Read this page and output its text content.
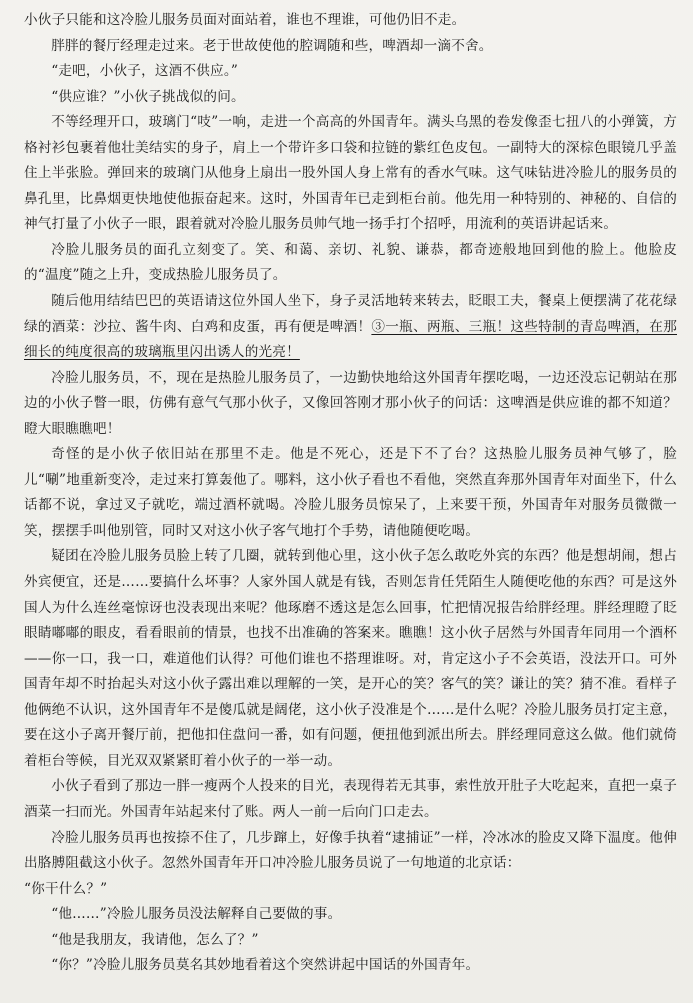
小伙子只能和这冷脸儿服务员面对面站着，谁也不理谁，可他仍旧不走。

胖胖的餐厅经理走过来。老于世故使他的腔调随和些，啤酒却一滴不舍。

“走吧，小伙子，这酒不供应。”

“供应谁？”小伙子挑战似的问。

不等经理开口，玻璃门“吱”一响，走进一个高高的外国青年。满头乌黑的卷发像歪七扭八的小弹簧，方格衬衫包裹着他壮美结实的身子，肩上一个带许多口袋和拉链的紫红色皮包。一副特大的深棕色眼镜几乎盖住上半张脸。弹回来的玻璃门从他身上扇出一股外国人身上常有的香水气味。这气味钻进冷脸儿的服务员的鼻孔里，比鼻烟更快地使他振奋起来。这时，外国青年已走到柜台前。他先用一种特别的、神秘的、自信的神气打量了小伙子一眼，跟着就对冷脸儿服务员帅气地一扬手打个招呼，用流利的英语讲起话来。

冷脸儿服务员的面孔立刻变了。笑、和蔼、亲切、礼貌、谦恭，都奇迹般地回到他的脸上。他脸皮的“温度”随之上升，变成热脸儿服务员了。

随后他用结结巴巴的英语请这位外国人坐下，身子灵活地转来转去，眨眼工夫，餐桌上便摆满了花花绿绿的酒菜：沙拉、酱牛肉、白鸡和皮蛋，再有便是啤酒！③一瓶、两瓶、三瓶！这些特制的青岛啤酒，在那细长的纯度很高的玻璃瓶里闪出诱人的光亮！

冷脸儿服务员，不，现在是热脸儿服务员了，一边勤快地给这外国青年摆吃喝，一边还没忘记朝站在那边的小伙子瞥一眼，仿佛有意气气那小伙子，又像回答刚才那小伙子的问话：这啤酒是供应谁的都不知道？瞪大眼瞧瞧吧！

奇怪的是小伙子依旧站在那里不走。他是不死心，还是下不了台？这热脸儿服务员神气够了，脸儿“唰”地重新变冷，走过来打算轰他了。哪料，这小伙子看也不看他，突然直奔那外国青年对面坐下，什么话都不说，拿过叉子就吃，端过酒杯就喝。冷脸儿服务员惊呆了，上来要干预，外国青年对服务员微微一笑，摆摆手叫他别管，同时又对这小伙子客气地打个手势，请他随便吃喝。

疑团在冷脸儿服务员脸上转了几圈，就转到他心里，这小伙子怎么敢吃外宾的东西？他是想胡闹，想占外宾便宜，还是……要搞什么坏事？人家外国人就是有钱，否则怎肯任凭陌生人随便吃他的东西？可是这外国人为什么连丝毫惊讶也没表现出来呢？他琢磨不透这是怎么回事，忙把情况报告给胖经理。胖经理瞪了眨眼睛嘟嘟的眼皮，看看眼前的情景，也找不出准确的答案来。瞧瞧！这小伙子居然与外国青年同用一个酒杯——你一口，我一口，难道他们认得？可他们谁也不搭理谁呀。对，肯定这小子不会英语，没法开口。可外国青年却不时抬起头对这小伙子露出难以理解的一笑，是开心的笑？客气的笑？谦让的笑？猜不准。看样子他俩绝不认识，这外国青年不是傻瓜就是阔佬，这小伙子没准是个……是什么呢？冷脸儿服务员打定主意，要在这小子离开餐厅前，把他扣住盘问一番，如有问题，便扭他到派出所去。胖经理同意这么做。他们就倚着柜台等候，目光双双紧紧盯着小伙子的一举一动。

小伙子看到了那边一胖一瘦两个人投来的目光，表现得若无其事，索性放开肚子大吃起来，直把一桌子酒菜一扫而光。外国青年站起来付了账。两人一前一后向门口走去。

冷脸儿服务员再也按捺不住了，几步蹿上，好像手执着“逮捕证”一样，冷冰冰的脸皮又降下温度。他伸出胳膊阻截这小伙子。忽然外国青年开口冲冷脸儿服务员说了一句地道的北京话：

“你干什么？”

“他……”冷脸儿服务员没法解释自己要做的事。

“他是我朋友，我请他，怎么了？”

“你？”冷脸儿服务员莫名其妙地看着这个突然讲起中国话的外国青年。
